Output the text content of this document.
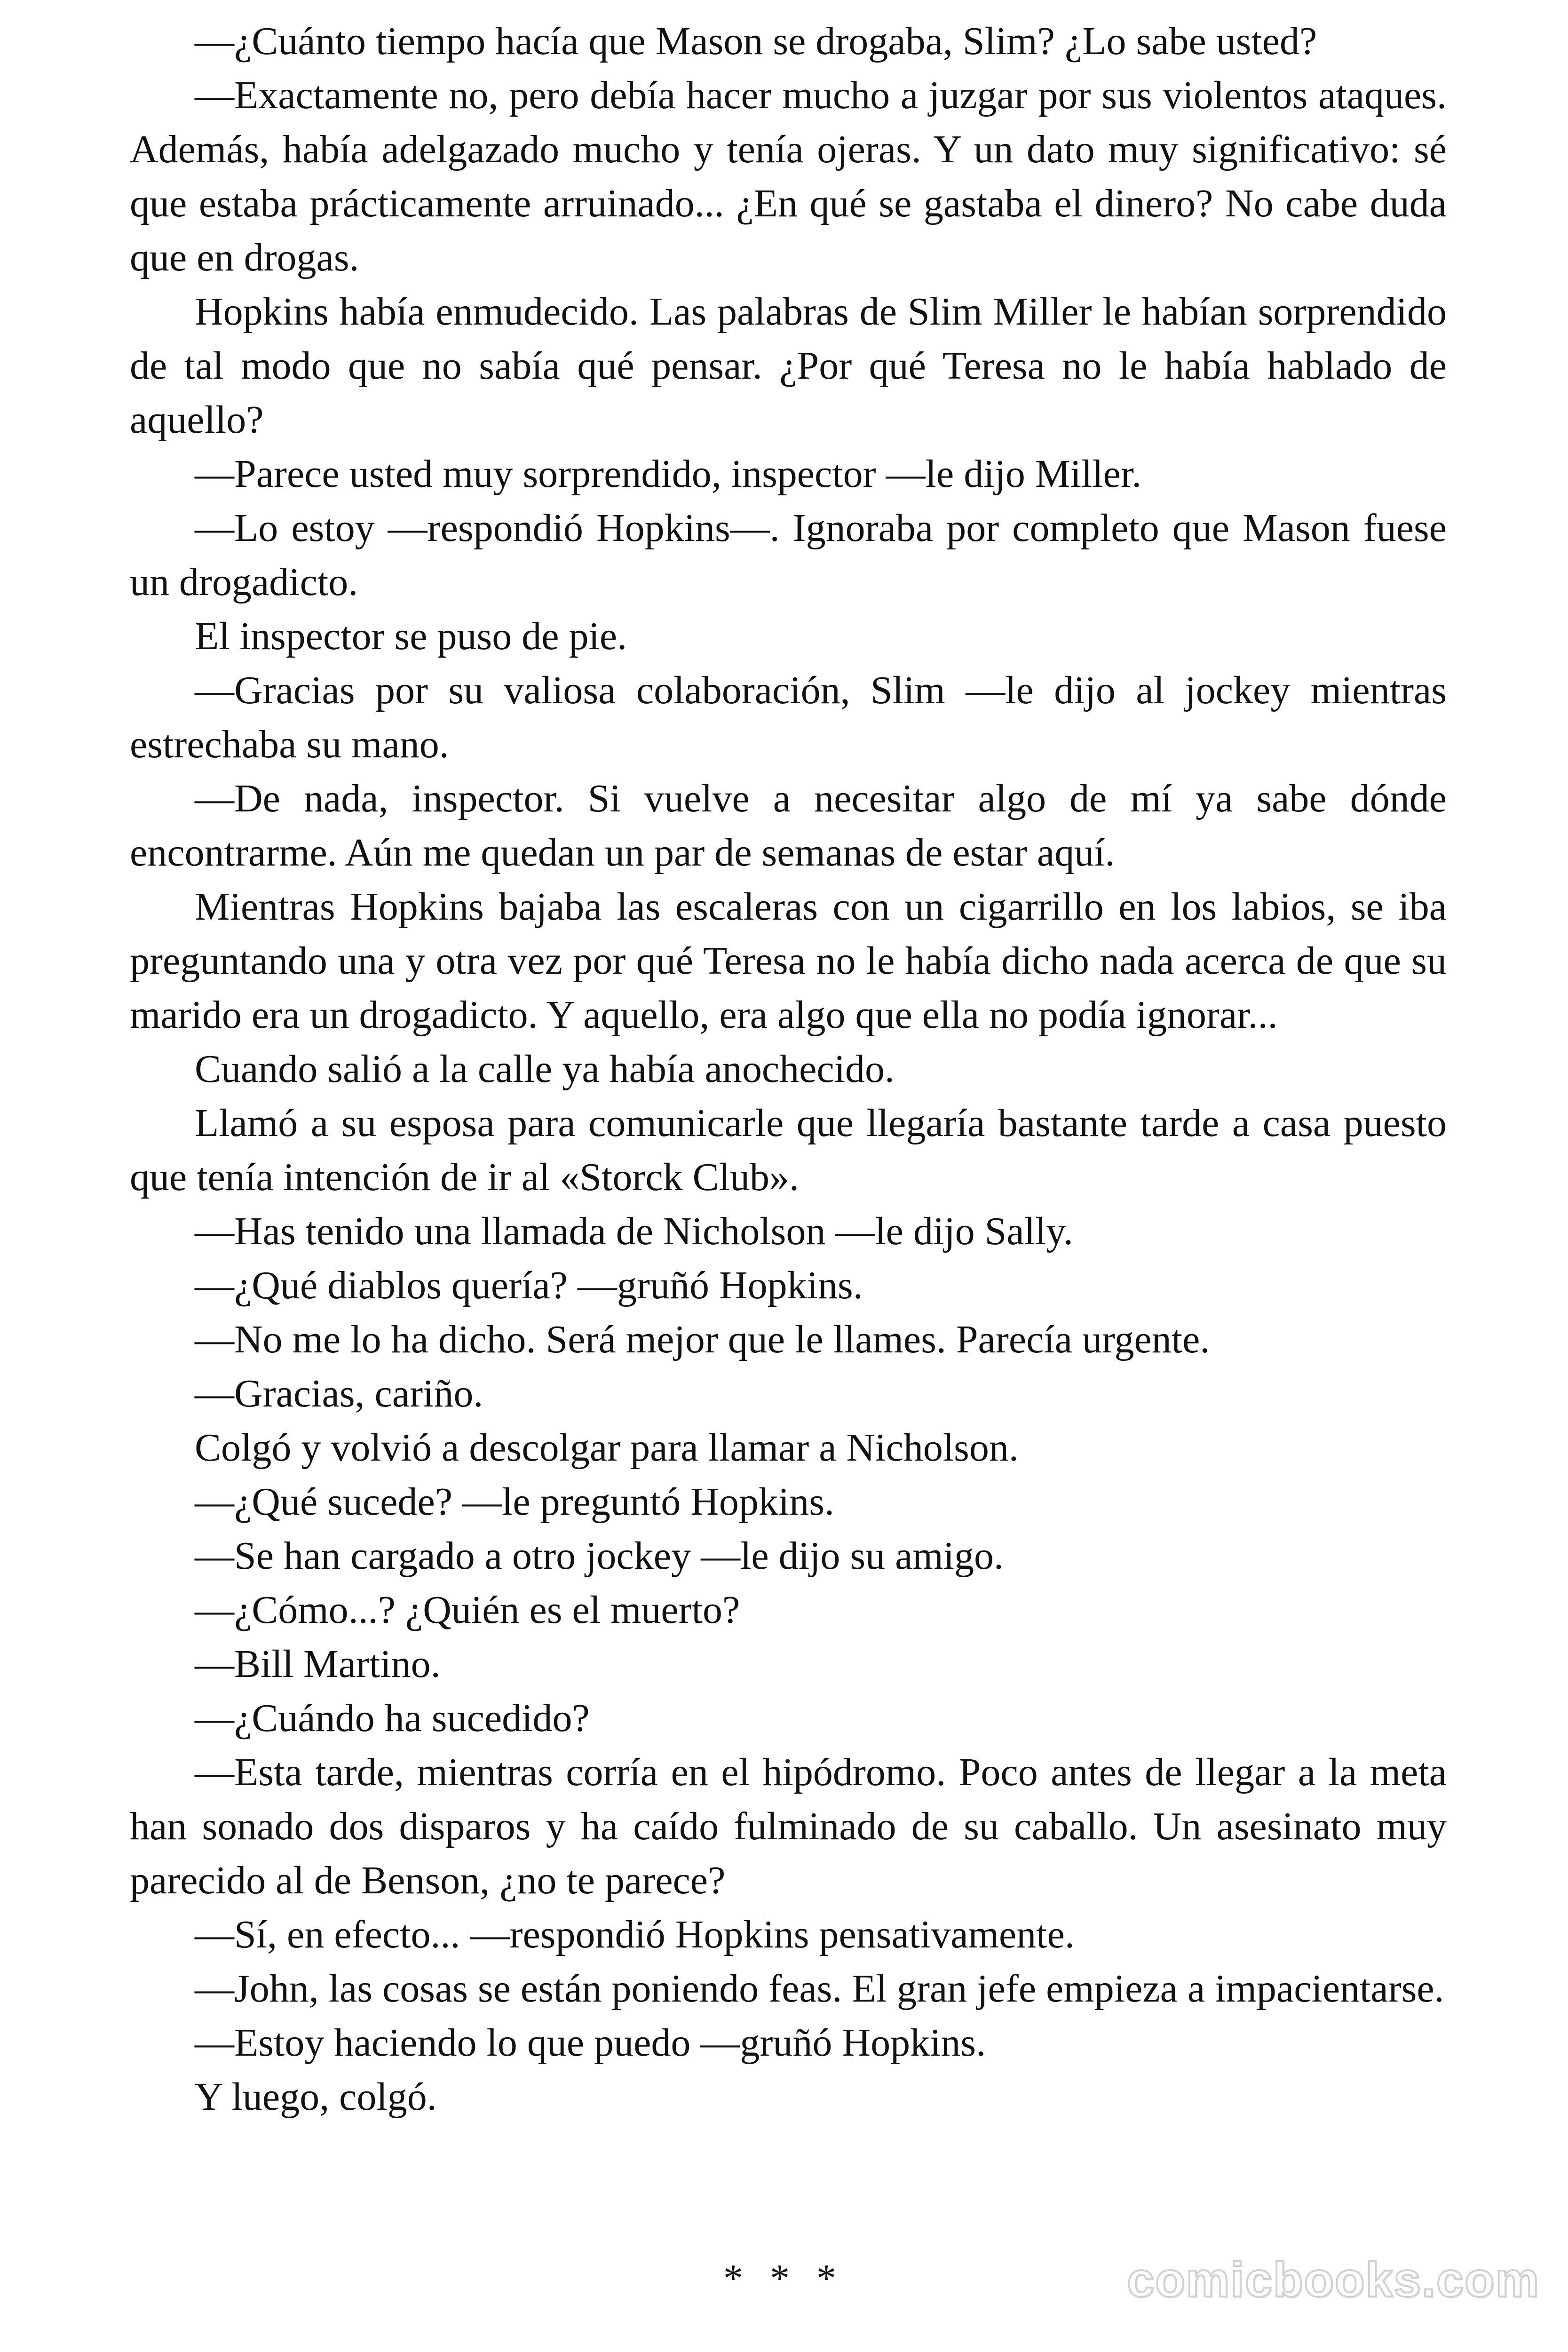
—¿Cuánto tiempo hacía que Mason se drogaba, Slim? ¿Lo sabe usted?

—Exactamente no, pero debía hacer mucho a juzgar por sus violentos ataques. Además, había adelgazado mucho y tenía ojeras. Y un dato muy significativo: sé que estaba prácticamente arruinado... ¿En qué se gastaba el dinero? No cabe duda que en drogas.

Hopkins había enmudecido. Las palabras de Slim Miller le habían sorprendido de tal modo que no sabía qué pensar. ¿Por qué Teresa no le había hablado de aquello?

—Parece usted muy sorprendido, inspector —le dijo Miller.

—Lo estoy —respondió Hopkins—. Ignoraba por completo que Mason fuese un drogadicto.

El inspector se puso de pie.

—Gracias por su valiosa colaboración, Slim —le dijo al jockey mientras estrechaba su mano.

—De nada, inspector. Si vuelve a necesitar algo de mí ya sabe dónde encontrarme. Aún me quedan un par de semanas de estar aquí.

Mientras Hopkins bajaba las escaleras con un cigarrillo en los labios, se iba preguntando una y otra vez por qué Teresa no le había dicho nada acerca de que su marido era un drogadicto. Y aquello, era algo que ella no podía ignorar...

Cuando salió a la calle ya había anochecido.

Llamó a su esposa para comunicarle que llegaría bastante tarde a casa puesto que tenía intención de ir al «Storck Club».

—Has tenido una llamada de Nicholson —le dijo Sally.

—¿Qué diablos quería? —gruñó Hopkins.

—No me lo ha dicho. Será mejor que le llames. Parecía urgente.

—Gracias, cariño.

Colgó y volvió a descolgar para llamar a Nicholson.

—¿Qué sucede? —le preguntó Hopkins.

—Se han cargado a otro jockey —le dijo su amigo.

—¿Cómo...? ¿Quién es el muerto?

—Bill Martino.

—¿Cuándo ha sucedido?

—Esta tarde, mientras corría en el hipódromo. Poco antes de llegar a la meta han sonado dos disparos y ha caído fulminado de su caballo. Un asesinato muy parecido al de Benson, ¿no te parece?

—Sí, en efecto... —respondió Hopkins pensativamente.

—John, las cosas se están poniendo feas. El gran jefe empieza a impacientarse.

—Estoy haciendo lo que puedo —gruñó Hopkins.

Y luego, colgó.

* * *	comicbooks.com
